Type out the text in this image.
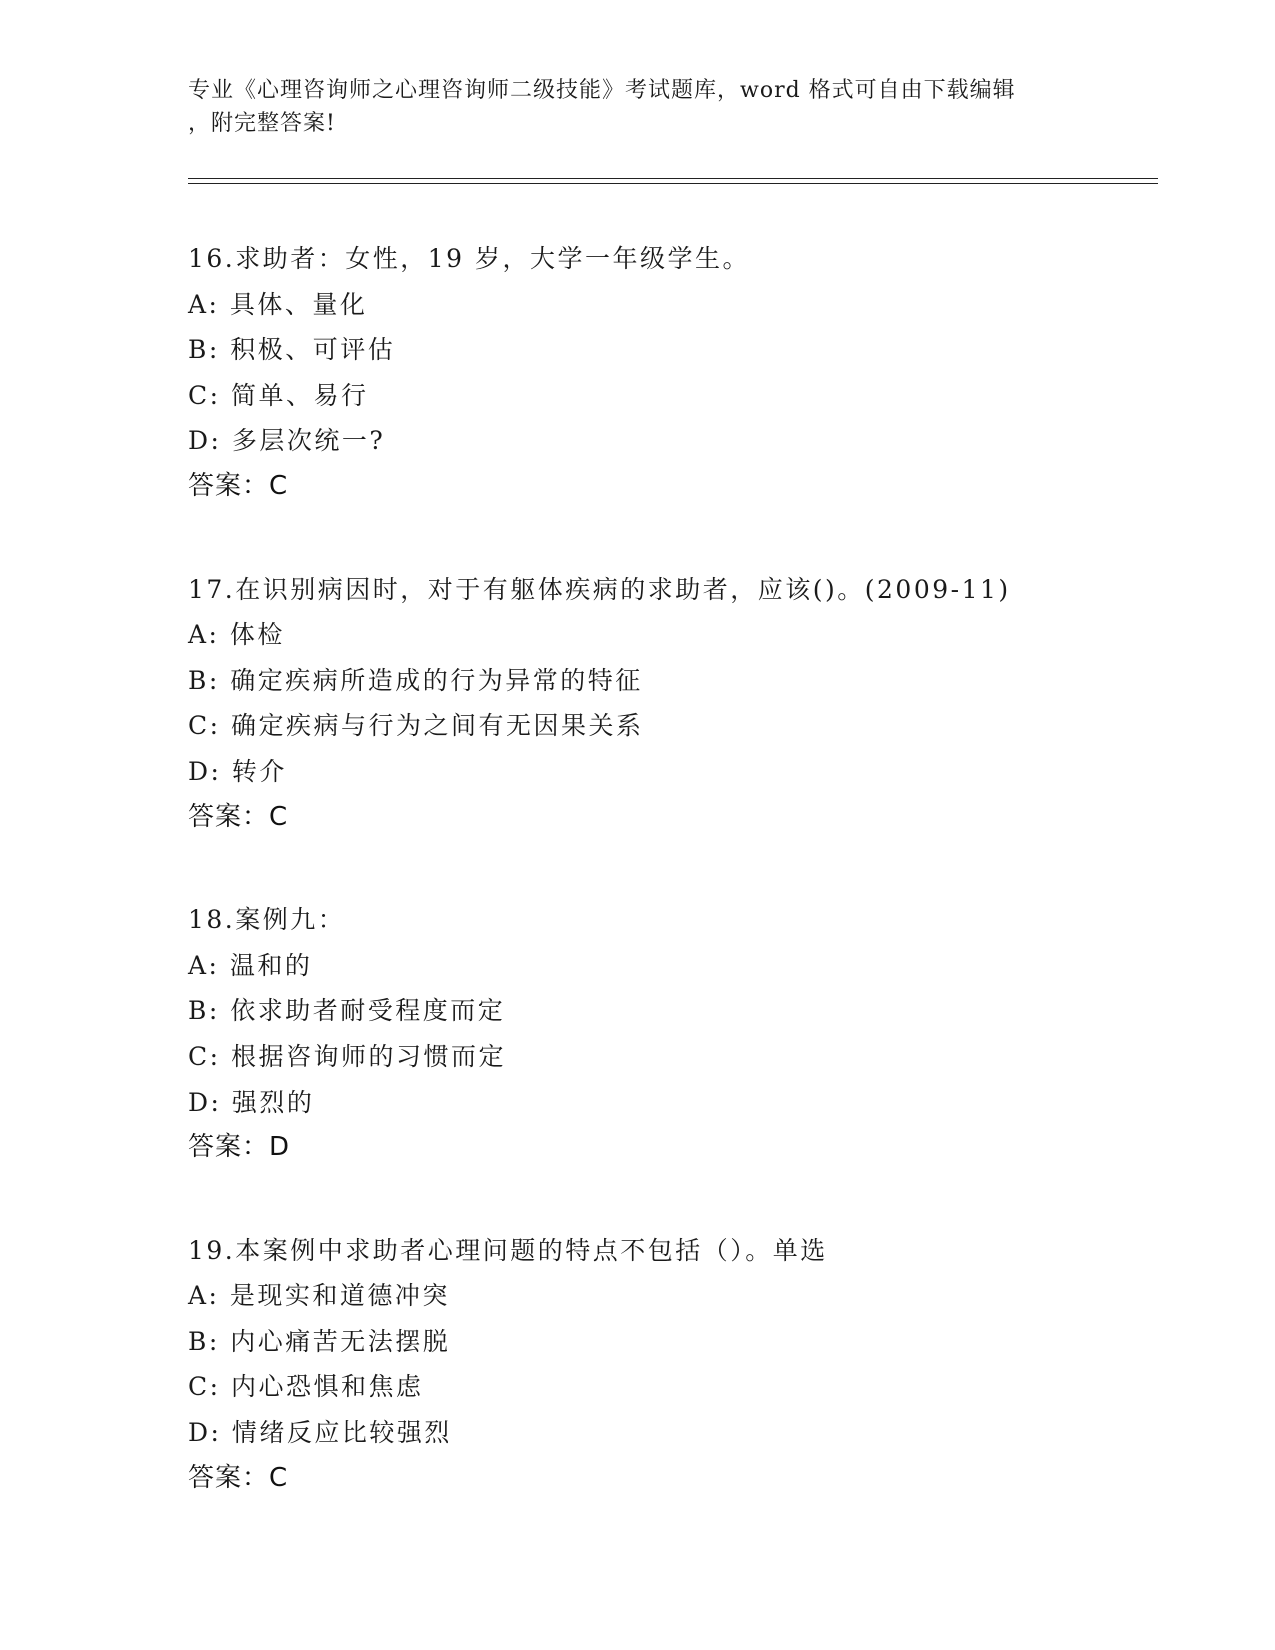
专业《心理咨询师之心理咨询师二级技能》考试题库，word 格式可自由下载编辑

，附完整答案!

16.求助者：女性，19 岁，大学一年级学生。
A: 具体、量化
B: 积极、可评估
C: 简单、易行
D: 多层次统一?
答案：C
17.在识别病因时，对于有躯体疾病的求助者，应该()。(2009-11)
A: 体检
B: 确定疾病所造成的行为异常的特征
C: 确定疾病与行为之间有无因果关系
D: 转介
答案：C
18.案例九：
A: 温和的
B: 依求助者耐受程度而定
C: 根据咨询师的习惯而定
D: 强烈的
答案：D
19.本案例中求助者心理问题的特点不包括（）。单选
A: 是现实和道德冲突
B: 内心痛苦无法摆脱
C: 内心恐惧和焦虑
D: 情绪反应比较强烈
答案：C
